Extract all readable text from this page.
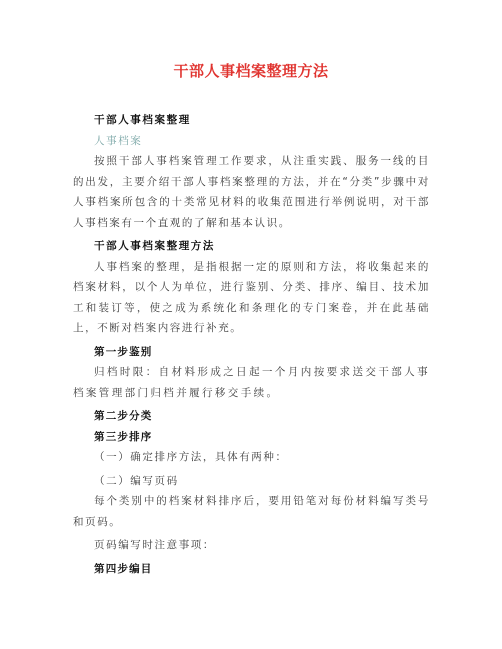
干部人事档案整理方法

干部人事档案整理

人事档案

按照干部人事档案管理工作要求，从注重实践、服务一线的目的出发，主要介绍干部人事档案整理的方法，并在“分类”步骤中对人事档案所包含的十类常见材料的收集范围进行举例说明，对干部人事档案有一个直观的了解和基本认识。

干部人事档案整理方法

人事档案的整理，是指根据一定的原则和方法，将收集起来的档案材料，以个人为单位，进行鉴别、分类、排序、编目、技术加工和装订等，使之成为系统化和条理化的专门案卷，并在此基础上，不断对档案内容进行补充。

第一步鉴别

归档时限：自材料形成之日起一个月内按要求送交干部人事档案管理部门归档并履行移交手续。

第二步分类

第三步排序

（一）确定排序方法，具体有两种：

（二）编写页码

每个类别中的档案材料排序后，要用铅笔对每份材料编写类号和页码。

页码编写时注意事项：

第四步编目
